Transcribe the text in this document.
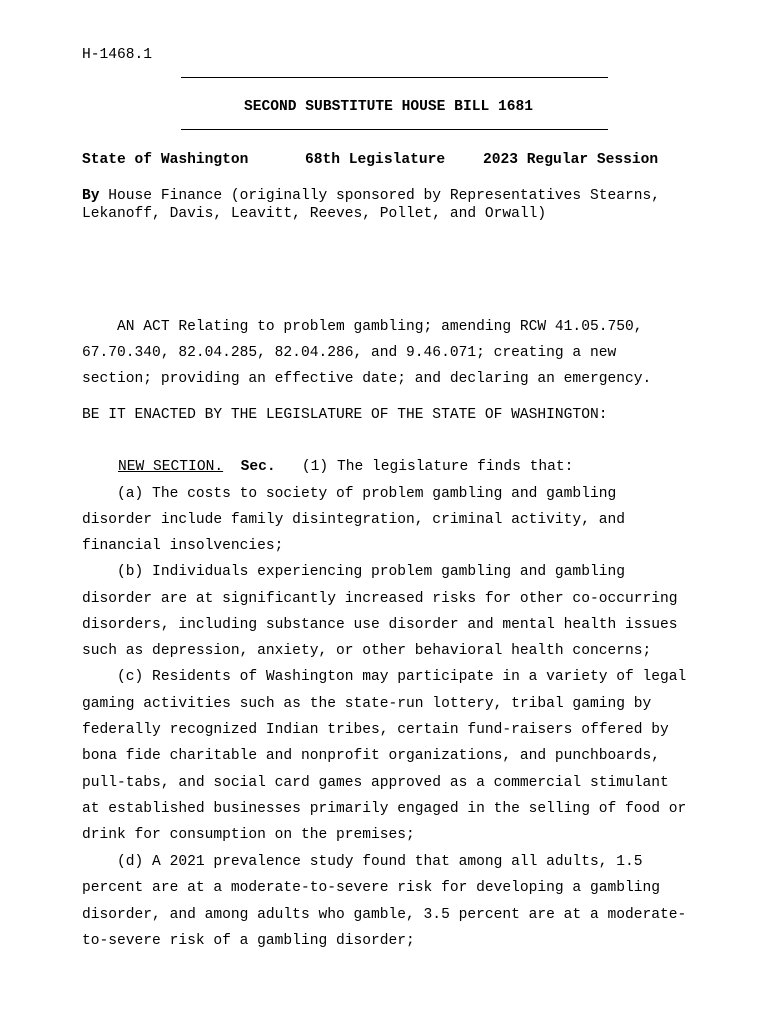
H-1468.1
SECOND SUBSTITUTE HOUSE BILL 1681
State of Washington	68th Legislature	2023 Regular Session
By House Finance (originally sponsored by Representatives Stearns,
Lekanoff, Davis, Leavitt, Reeves, Pollet, and Orwall)
AN ACT Relating to problem gambling; amending RCW 41.05.750,
67.70.340, 82.04.285, 82.04.286, and 9.46.071; creating a new
section; providing an effective date; and declaring an emergency.
BE IT ENACTED BY THE LEGISLATURE OF THE STATE OF WASHINGTON:
NEW SECTION. Sec.   (1) The legislature finds that:
(a) The costs to society of problem gambling and gambling
disorder include family disintegration, criminal activity, and
financial insolvencies;
(b) Individuals experiencing problem gambling and gambling
disorder are at significantly increased risks for other co-occurring
disorders, including substance use disorder and mental health issues
such as depression, anxiety, or other behavioral health concerns;
(c) Residents of Washington may participate in a variety of legal
gaming activities such as the state-run lottery, tribal gaming by
federally recognized Indian tribes, certain fund-raisers offered by
bona fide charitable and nonprofit organizations, and punchboards,
pull-tabs, and social card games approved as a commercial stimulant
at established businesses primarily engaged in the selling of food or
drink for consumption on the premises;
(d) A 2021 prevalence study found that among all adults, 1.5
percent are at a moderate-to-severe risk for developing a gambling
disorder, and among adults who gamble, 3.5 percent are at a moderate-
to-severe risk of a gambling disorder;
